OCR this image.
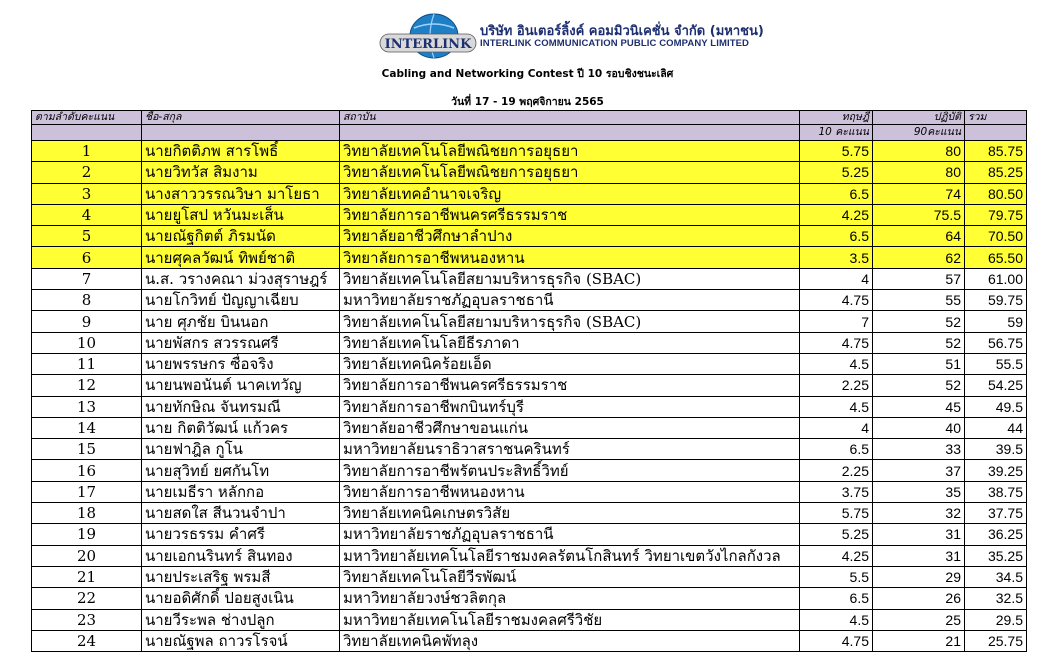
INTERLINK
บริษัท อินเตอร์ลิ้งค์ คอมมิวนิเคชั่น จำกัด (มหาชน)
INTERLINK COMMUNICATION PUBLIC COMPANY LIMITED
Cabling and Networking Contest ปี 10 รอบชิงชนะเลิศ
วันที่ 17 - 19 พฤศจิกายน 2565
ตามลำดับคะแนน	ชื่อ-สกุล	สถาบัน	ทฤษฎี	ปฏิบัติ	รวม
			10 คะแนน	90คะแนน	
1	นายกิตติภพ สารโพธิ์	วิทยาลัยเทคโนโลยีพณิชยการอยุธยา	5.75	80	85.75
2	นายวิทวัส สิมงาม	วิทยาลัยเทคโนโลยีพณิชยการอยุธยา	5.25	80	85.25
3	นางสาววรรณวิษา มาโยธา	วิทยาลัยเทคอำนาจเจริญ	6.5	74	80.50
4	นายยูโสป หวันมะเส็น	วิทยาลัยการอาชีพนครศรีธรรมราช	4.25	75.5	79.75
5	นายณัฐกิตต์ ภิรมนัด	วิทยาลัยอาชีวศึกษาลำปาง	6.5	64	70.50
6	นายศุคลวัฒน์ ทิพย์ชาติ	วิทยาลัยการอาชีพหนองหาน	3.5	62	65.50
7	น.ส. วรางคณา ม่วงสุราษฎร์	วิทยาลัยเทคโนโลยีสยามบริหารธุรกิจ (SBAC)	4	57	61.00
8	นายโกวิทย์ ปัญญาเฉียบ	มหาวิทยาลัยราชภัฏอุบลราชธานี	4.75	55	59.75
9	นาย ศุภชัย บินนอก	วิทยาลัยเทคโนโลยีสยามบริหารธุรกิจ (SBAC)	7	52	59
10	นายพัสกร สวรรณศรี	วิทยาลัยเทคโนโลยีธีรภาดา	4.75	52	56.75
11	นายพรรษกร ซื่อจริง	วิทยาลัยเทคนิคร้อยเอ็ด	4.5	51	55.5
12	นายนพอนันต์ นาคเทวัญ	วิทยาลัยการอาชีพนครศรีธรรมราช	2.25	52	54.25
13	นายทักษิณ จันทรมณี	วิทยาลัยการอาชีพกบินทร์บุรี	4.5	45	49.5
14	นาย กิตติวัฒน์ แก้วคร	วิทยาลัยอาชีวศึกษาขอนแก่น	4	40	44
15	นายฟาฎิล กูโน	มหาวิทยาลัยนราธิวาสราชนครินทร์	6.5	33	39.5
16	นายสุวิทย์ ยศกันโท	วิทยาลัยการอาชีพรัตนประสิทธิ์วิทย์	2.25	37	39.25
17	นายเมธีรา หลักกอ	วิทยาลัยการอาชีพหนองหาน	3.75	35	38.75
18	นายสดใส สีนวนจำปา	วิทยาลัยเทคนิคเกษตรวิสัย	5.75	32	37.75
19	นายวรธรรม คำศรี	มหาวิทยาลัยราชภัฏอุบลราชธานี	5.25	31	36.25
20	นายเอกนรินทร์ สินทอง	มหาวิทยาลัยเทคโนโลยีราชมงคลรัตนโกสินทร์ วิทยาเขตวังไกลกังวล	4.25	31	35.25
21	นายประเสริฐ พรมสี	วิทยาลัยเทคโนโลยีวีรพัฒน์	5.5	29	34.5
22	นายอดิศักดิ์ ปอยสูงเนิน	มหาวิทยาลัยวงษ์ชวลิตกุล	6.5	26	32.5
23	นายวีระพล ช่างปลูก	มหาวิทยาลัยเทคโนโลยีราชมงคลศรีวิชัย	4.5	25	29.5
24	นายณัฐพล ถาวรโรจน์	วิทยาลัยเทคนิคพัทลุง	4.75	21	25.75
